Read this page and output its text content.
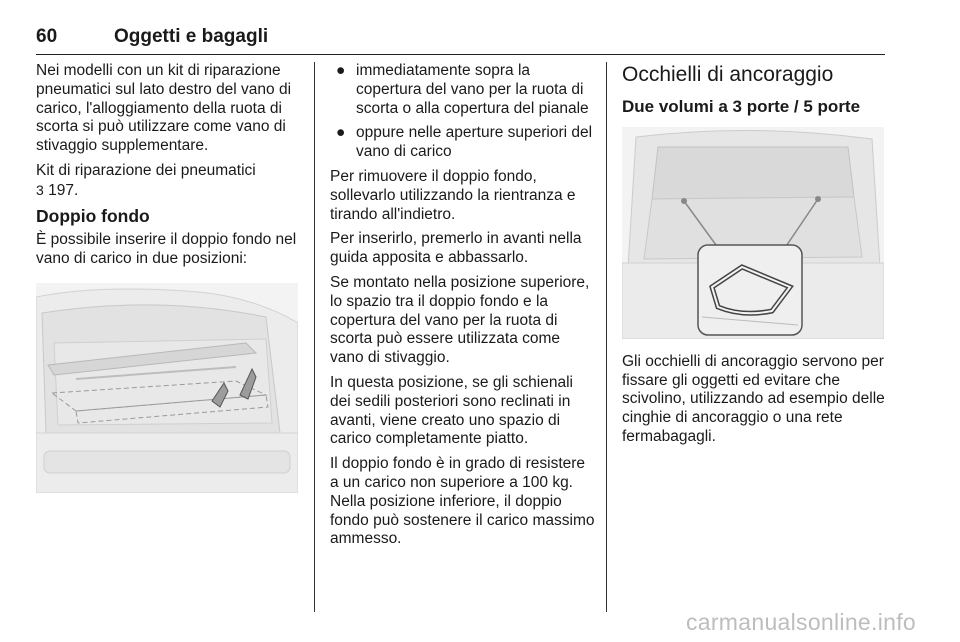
60	Oggetti e bagagli

Nei modelli con un kit di riparazione pneumatici sul lato destro del vano di carico, l'alloggiamento della ruota di scorta si può utilizzare come vano di stivaggio supplementare.

Kit di riparazione dei pneumatici
3 197.

Doppio fondo

È possibile inserire il doppio fondo nel vano di carico in due posizioni:

● immediatamente sopra la copertura del vano per la ruota di scorta o alla copertura del pianale
● oppure nelle aperture superiori del vano di carico

Per rimuovere il doppio fondo, sollevarlo utilizzando la rientranza e tirando all'indietro.

Per inserirlo, premerlo in avanti nella guida apposita e abbassarlo.

Se montato nella posizione superiore, lo spazio tra il doppio fondo e la copertura del vano per la ruota di scorta può essere utilizzata come vano di stivaggio.

In questa posizione, se gli schienali dei sedili posteriori sono reclinati in avanti, viene creato uno spazio di carico completamente piatto.

Il doppio fondo è in grado di resistere a un carico non superiore a 100 kg. Nella posizione inferiore, il doppio fondo può sostenere il carico massimo ammesso.

Occhielli di ancoraggio
Due volumi a 3 porte / 5 porte

Gli occhielli di ancoraggio servono per fissare gli oggetti ed evitare che scivolino, utilizzando ad esempio delle cinghie di ancoraggio o una rete fermabagagli.

carmanualsonline.info
